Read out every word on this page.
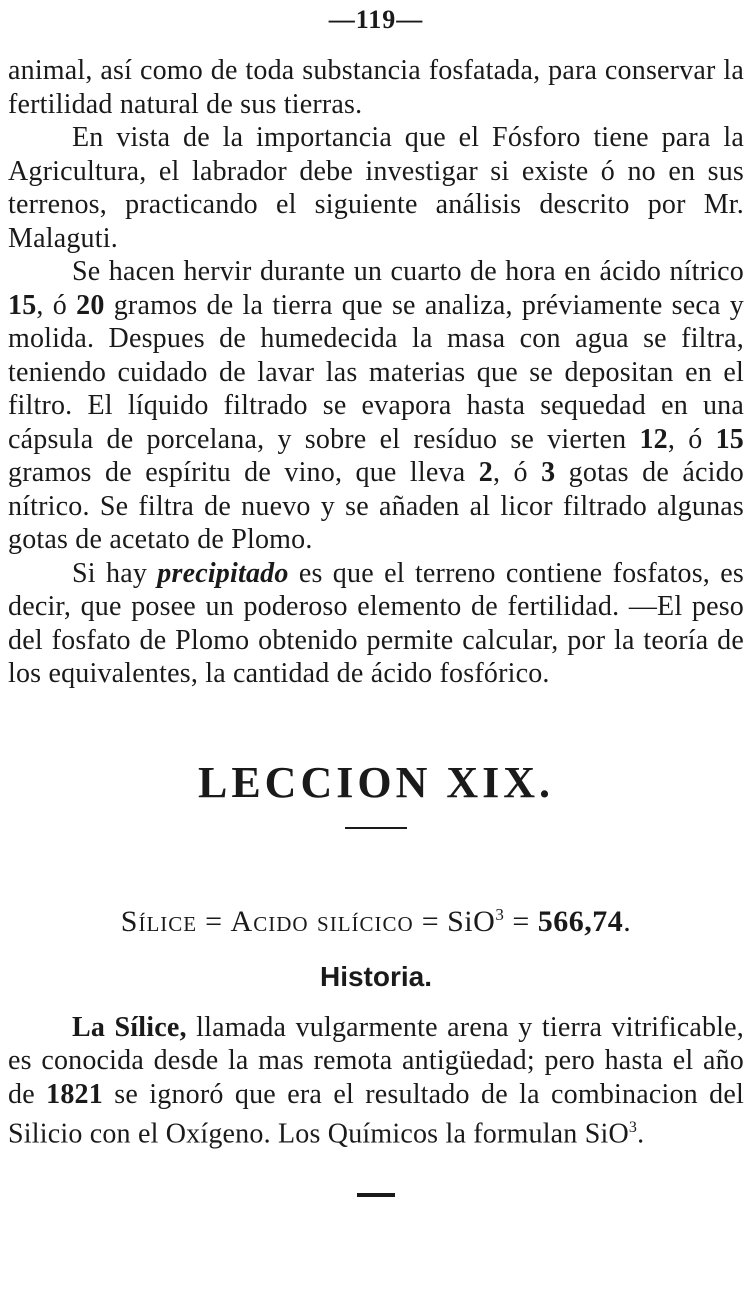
—119—

animal, así como de toda substancia fosfatada, para conservar la fertilidad natural de sus tierras.

En vista de la importancia que el Fósforo tiene para la Agricultura, el labrador debe investigar si existe ó no en sus terrenos, practicando el siguiente análisis descrito por Mr. Malaguti.

Se hacen hervir durante un cuarto de hora en ácido nítrico 15, ó 20 gramos de la tierra que se analiza, préviamente seca y molida. Despues de humedecida la masa con agua se filtra, teniendo cuidado de lavar las materias que se depositan en el filtro. El líquido filtrado se evapora hasta sequedad en una cápsula de porcelana, y sobre el resíduo se vierten 12, ó 15 gramos de espíritu de vino, que lleva 2, ó 3 gotas de ácido nítrico. Se filtra de nuevo y se añaden al licor filtrado algunas gotas de acetato de Plomo.

Si hay precipitado es que el terreno contiene fosfatos, es decir, que posee un poderoso elemento de fertilidad. —El peso del fosfato de Plomo obtenido permite calcular, por la teoría de los equivalentes, la cantidad de ácido fosfórico.

LECCION XIX.
Sílice = Acido silícico = SiO$^3$ = 566,74.
Historia.

La Sílice, llamada vulgarmente arena y tierra vitrificable, es conocida desde la mas remota antigüedad; pero hasta el año de 1821 se ignoró que era el resultado de la combinacion del Silicio con el Oxígeno. Los Químicos la formulan SiO$^3$.
